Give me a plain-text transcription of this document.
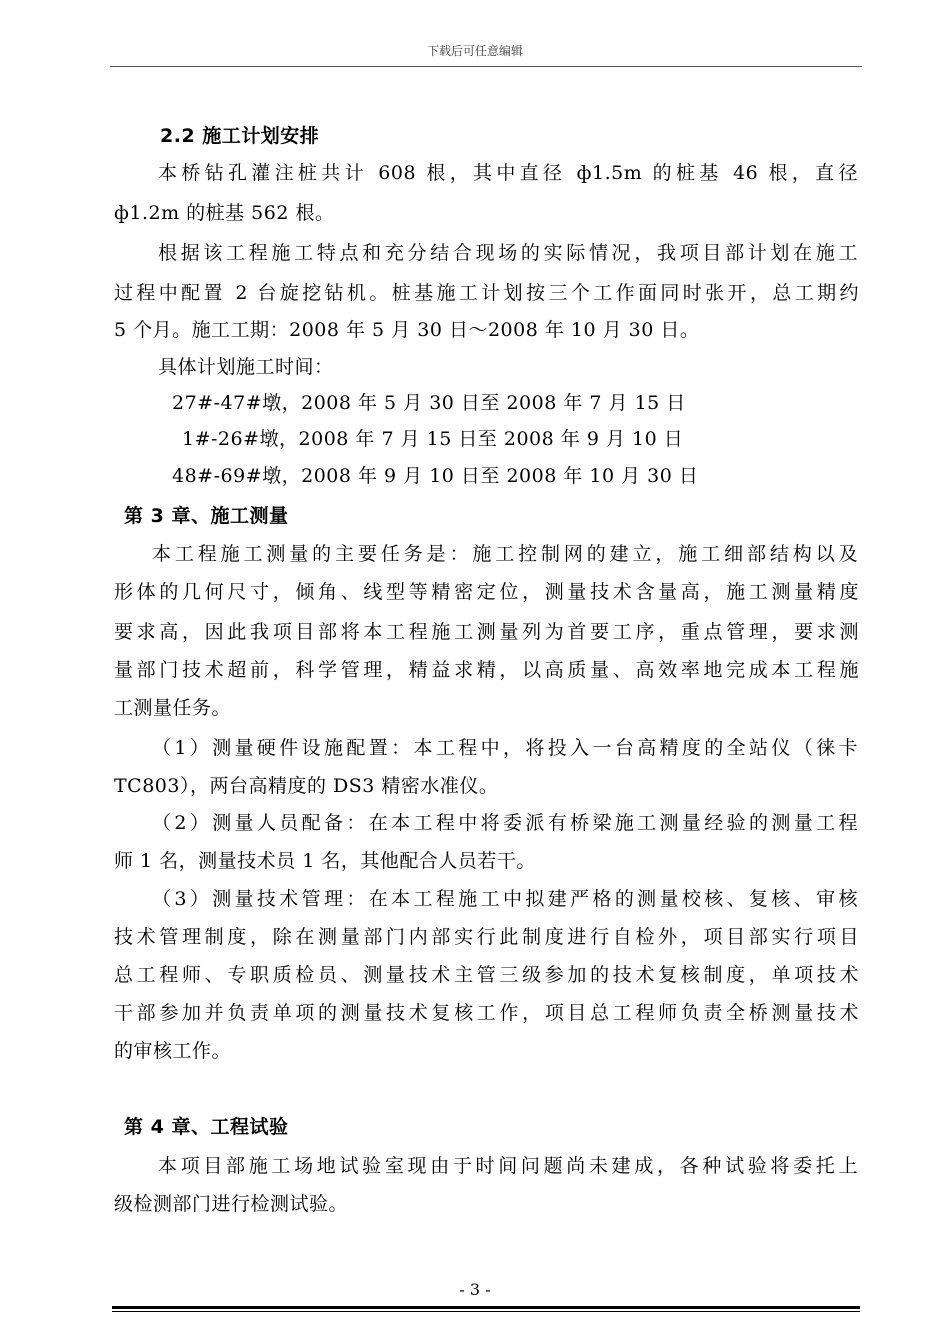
下载后可任意编辑
2.2 施工计划安排
本桥钻孔灌注桩共计 608 根，其中直径 ф1.5m 的桩基 46 根，直径
ф1.2m 的桩基 562 根。
根据该工程施工特点和充分结合现场的实际情况，我项目部计划在施工
过程中配置 2 台旋挖钻机。桩基施工计划按三个工作面同时张开，总工期约
5 个月。施工工期：2008 年 5 月 30 日～2008 年 10 月 30 日。
具体计划施工时间：
27#-47#墩，2008 年 5 月 30 日至 2008 年 7 月 15 日
1#-26#墩，2008 年 7 月 15 日至 2008 年 9 月 10 日
48#-69#墩，2008 年 9 月 10 日至 2008 年 10 月 30 日
第 3 章、施工测量
本工程施工测量的主要任务是：施工控制网的建立，施工细部结构以及
形体的几何尺寸，倾角、线型等精密定位，测量技术含量高，施工测量精度
要求高，因此我项目部将本工程施工测量列为首要工序，重点管理，要求测
量部门技术超前，科学管理，精益求精，以高质量、高效率地完成本工程施
工测量任务。
（1）测量硬件设施配置：本工程中，将投入一台高精度的全站仪（徕卡
TC803），两台高精度的 DS3 精密水准仪。
（2）测量人员配备：在本工程中将委派有桥梁施工测量经验的测量工程
师 1 名，测量技术员 1 名，其他配合人员若干。
（3）测量技术管理：在本工程施工中拟建严格的测量校核、复核、审核
技术管理制度，除在测量部门内部实行此制度进行自检外，项目部实行项目
总工程师、专职质检员、测量技术主管三级参加的技术复核制度，单项技术
干部参加并负责单项的测量技术复核工作，项目总工程师负责全桥测量技术
的审核工作。
第 4 章、工程试验
本项目部施工场地试验室现由于时间问题尚未建成，各种试验将委托上
级检测部门进行检测试验。
- 3 -
